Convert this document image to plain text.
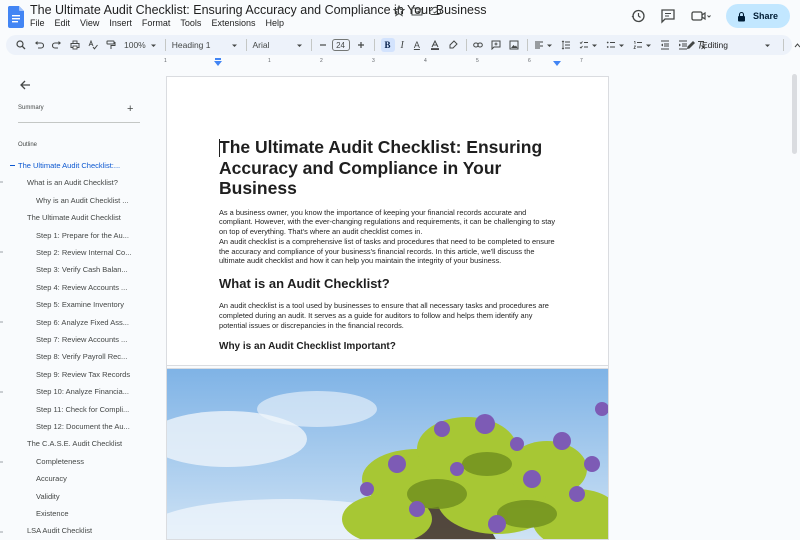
The Ultimate Audit Checklist: Ensuring Accuracy and Compliance in Your Business
File Edit View Insert Format Tools Extensions Help
Share
100%	Heading 1	Arial	24	B	I A	Editing
1	1	2	3	4	5	6	7
Summary	+
Outline
The Ultimate Audit Checklist:...
What is an Audit Checklist?
Why is an Audit Checklist ...
The Ultimate Audit Checklist
Step 1: Prepare for the Au...
Step 2: Review Internal Co...
Step 3: Verify Cash Balan...
Step 4: Review Accounts ...
Step 5: Examine Inventory
Step 6: Analyze Fixed Ass...
Step 7: Review Accounts ...
Step 8: Verify Payroll Rec...
Step 9: Review Tax Records
Step 10: Analyze Financia...
Step 11: Check for Compli...
Step 12: Document the Au...
The C.A.S.E. Audit Checklist
Completeness
Accuracy
Validity
Existence
LSA Audit Checklist
The Ultimate Audit Checklist: Ensuring Accuracy and Compliance in Your Business
As a business owner, you know the importance of keeping your financial records accurate and compliant. However, with the ever-changing regulations and requirements, it can be challenging to stay on top of everything. That's where an audit checklist comes in.
An audit checklist is a comprehensive list of tasks and procedures that need to be completed to ensure the accuracy and compliance of your business's financial records. In this article, we'll discuss the ultimate audit checklist and how it can help you maintain the integrity of your business.
What is an Audit Checklist?
An audit checklist is a tool used by businesses to ensure that all necessary tasks and procedures are completed during an audit. It serves as a guide for auditors to follow and helps them identify any potential issues or discrepancies in the financial records.
Why is an Audit Checklist Important?
